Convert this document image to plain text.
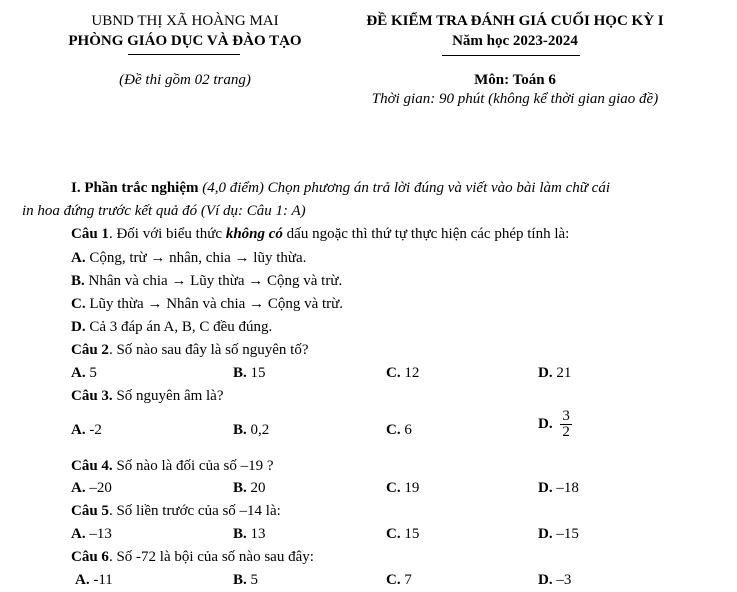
UBND THỊ XÃ HOÀNG MAI
PHÒNG GIÁO DỤC VÀ ĐÀO TẠO
(Đề thi gồm 02 trang)
ĐỀ KIỂM TRA ĐÁNH GIÁ CUỐI HỌC KỲ I
Năm học 2023-2024
Môn: Toán 6
Thời gian: 90 phút (không kể thời gian giao đề)
I. Phần trắc nghiệm (4,0 điểm) Chọn phương án trả lời đúng và viết vào bài làm chữ cái
in hoa đứng trước kết quả đó (Ví dụ: Câu 1: A)
Câu 1. Đối với biểu thức không có dấu ngoặc thì thứ tự thực hiện các phép tính là:
A. Cộng, trừ → nhân, chia → lũy thừa.
B. Nhân và chia → Lũy thừa → Cộng và trừ.
C. Lũy thừa → Nhân và chia → Cộng và trừ.
D. Cả 3 đáp án A, B, C đều đúng.
Câu 2. Số nào sau đây là số nguyên tố?
A. 5	B. 15	C. 12	D. 21
Câu 3. Số nguyên âm là?
A. -2	B. 0,2	C. 6	D. $\frac{3}{2}$
Câu 4. Số nào là đối của số –19 ?
A. –20	B. 20	C. 19	D. –18
Câu 5. Số liền trước của số –14 là:
A. –13	B. 13	C. 15	D. –15
Câu 6. Số -72 là bội của số nào sau đây:
A. -11	B. 5	C. 7	D. –3
